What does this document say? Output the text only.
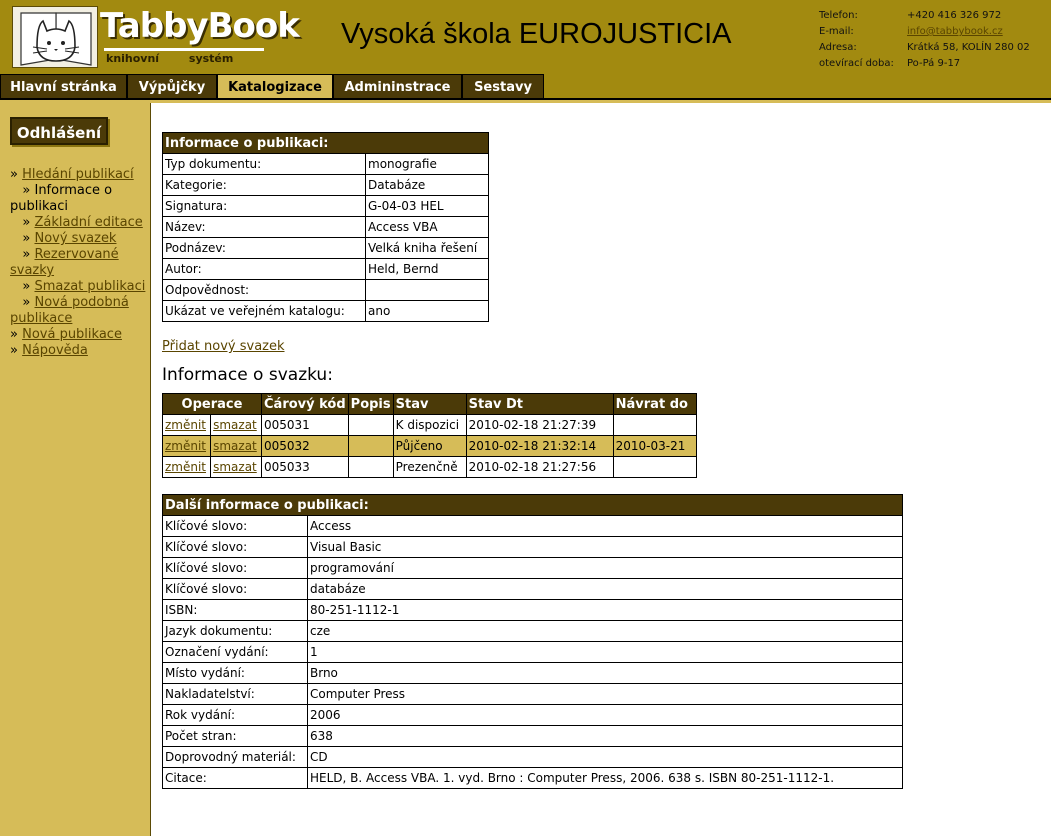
TabbyBook
knihovní systém
Vysoká škola EUROJUSTICIA
Telefon:	+420 416 326 972
E-mail:	info@tabbybook.cz
Adresa:	Krátká 58, KOLÍN 280 02
otevírací doba:	Po-Pá 9-17
Hlavní stránka	Výpůjčky	Katalogizace	Admininstrace	Sestavy
Odhlášení
» Hledání publikací
» Informace o publikaci
» Základní editace
» Nový svazek
» Rezervované svazky
» Smazat publikaci
» Nová podobná publikace
» Nová publikace
» Nápověda
Informace o publikaci:	
Typ dokumentu:	monografie
Kategorie:	Databáze
Signatura:	G-04-03 HEL
Název:	Access VBA
Podnázev:	Velká kniha řešení
Autor:	Held, Bernd
Odpovědnost:	
Ukázat ve veřejném katalogu:	ano
Přidat nový svazek
Informace o svazku:
Operace		Čárový kód	Popis	Stav	Stav Dt	Návrat do
změnit	smazat	005031		K dispozici	2010-02-18 21:27:39	
změnit	smazat	005032		Půjčeno	2010-02-18 21:32:14	2010-03-21
změnit	smazat	005033		Prezenčně	2010-02-18 21:27:56	
Další informace o publikaci:	
Klíčové slovo:	Access
Klíčové slovo:	Visual Basic
Klíčové slovo:	programování
Klíčové slovo:	databáze
ISBN:	80-251-1112-1
Jazyk dokumentu:	cze
Označení vydání:	1
Místo vydání:	Brno
Nakladatelství:	Computer Press
Rok vydání:	2006
Počet stran:	638
Doprovodný materiál:	CD
Citace:	HELD, B. Access VBA. 1. vyd. Brno : Computer Press, 2006. 638 s. ISBN 80-251-1112-1.
